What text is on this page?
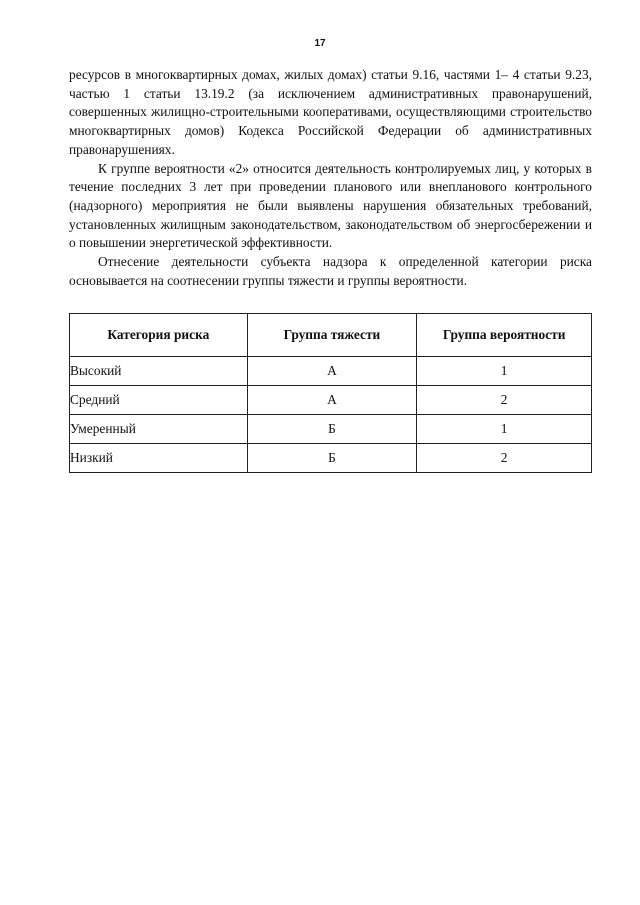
17

ресурсов в многоквартирных домах, жилых домах) статьи 9.16, частями 1– 4 статьи 9.23, частью 1 статьи 13.19.2 (за исключением административных правонарушений, совершенных жилищно-строительными кооперативами, осуществляющими строительство многоквартирных домов) Кодекса Российской Федерации об административных правонарушениях.

К группе вероятности «2» относится деятельность контролируемых лиц, у которых в течение последних 3 лет при проведении планового или внепланового контрольного (надзорного) мероприятия не были выявлены нарушения обязательных требований, установленных жилищным законодательством, законодательством об энергосбережении и о повышении энергетической эффективности.

Отнесение деятельности субъекта надзора к определенной категории риска основывается на соотнесении группы тяжести и группы вероятности.

Категория риска	Группа тяжести	Группа вероятности
Высокий	А	1
Средний	А	2
Умеренный	Б	1
Низкий	Б	2
